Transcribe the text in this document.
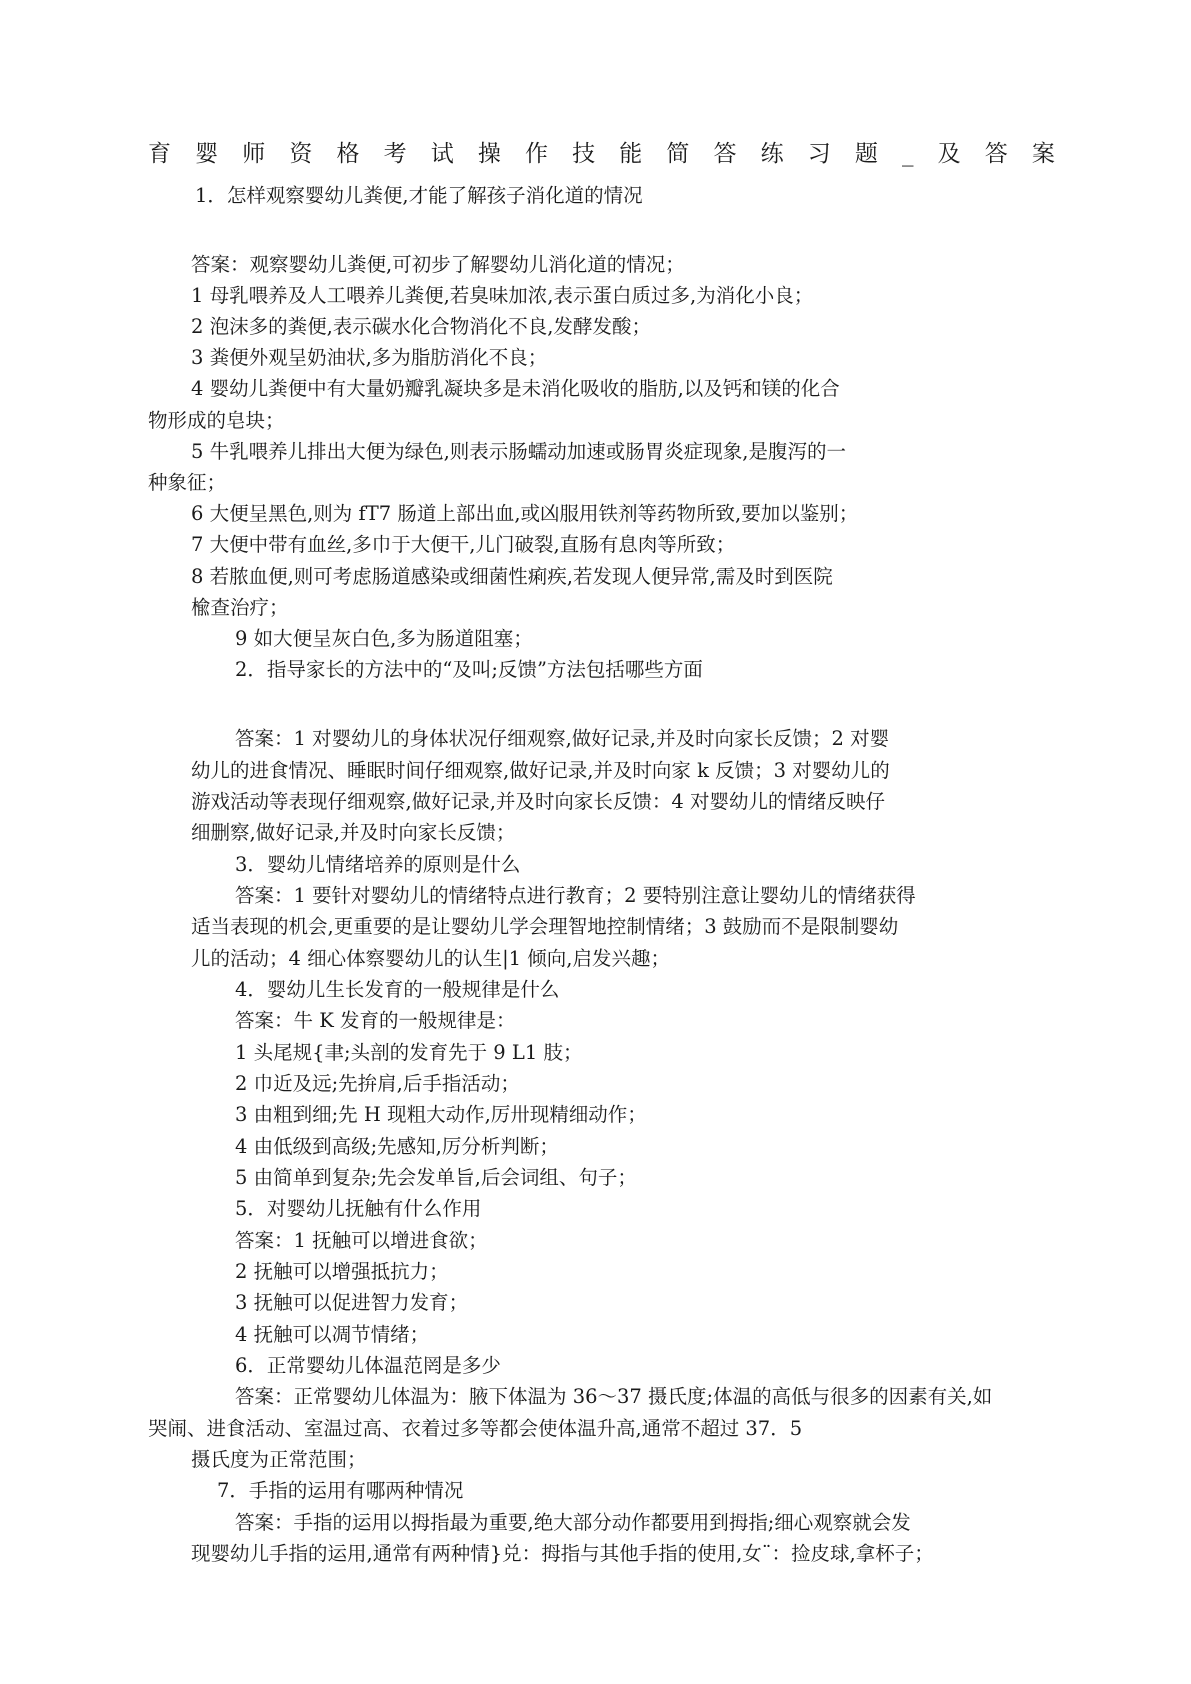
育 婴 师 资 格 考 试 操 作 技 能 简 答 练 习 题 _ 及 答 案
1．怎样观察婴幼儿粪便,才能了解孩子消化道的情况
答案：观察婴幼儿粪便,可初步了解婴幼儿消化道的情况；
1 母乳喂养及人工喂养儿粪便,若臭味加浓,表示蛋白质过多,为消化小良；
2 泡沫多的粪便,表示碳水化合物消化不良,发酵发酸；
3 粪便外观呈奶油状,多为脂肪消化不良；
4 婴幼儿粪便中有大量奶瓣乳凝块多是未消化吸收的脂肪,以及钙和镁的化合
物形成的皂块；
5 牛乳喂养儿排出大便为绿色,则表示肠蠕动加速或肠胃炎症现象,是腹泻的一
种象征；
6 大便呈黑色,则为 fT7 肠道上部出血,或凶服用铁剂等药物所致,要加以鉴别；
7 大便中带有血丝,多巾于大便干,儿门破裂,直肠有息肉等所致；
8 若脓血便,则可考虑肠道感染或细菌性痢疾,若发现人便异常,需及时到医院
楡查治疗；
9 如大便呈灰白色,多为肠道阻塞；
2．指导家长的方法中的“及叫;反馈”方法包括哪些方面
答案：1 对婴幼儿的身体状况仔细观察,做好记录,并及时向家长反馈；2 对婴
幼儿的进食情况、睡眠时间仔细观察,做好记录,并及时向家 k 反馈；3 对婴幼儿的
游戏活动等表现仔细观察,做好记录,并及时向家长反馈：4 对婴幼儿的情绪反映仔
细删察,做好记录,并及时向家长反馈；
3．婴幼儿情绪培养的原则是什么
答案：1 要针对婴幼儿的情绪特点进行教育；2 要特别注意让婴幼儿的情绪获得
适当表现的机会,更重要的是让婴幼儿学会理智地控制情绪；3 鼓励而不是限制婴幼
儿的活动；4 细心体察婴幼儿的认生|1 倾向,启发兴趣；
4．婴幼儿生长发育的一般规律是什么
答案：牛 K 发育的一般规律是：
1 头尾规{聿;头剖的发育先于 9 L1 肢；
2 巾近及远;先拚肩,后手指活动；
3 由粗到细;先 H 现粗大动作,厉卅现精细动作；
4 由低级到高级;先感知,厉分析判断；
5 由简单到复杂;先会发单旨,后会词组、句子；
5．对婴幼儿抚触有什么作用
答案：1 抚触可以增进食欲；
2 抚触可以增强抵抗力；
3 抚触可以促进智力发育；
4 抚触可以凋节情绪；
6．正常婴幼儿体温范罔是多少
答案：正常婴幼儿体温为：腋下体温为 36～37 摄氏度;体温的高低与很多的因素有关,如
哭闹、进食活动、室温过高、衣着过多等都会使体温升高,通常不超过 37．5
摄氏度为正常范围；
7．手指的运用有哪两种情况
答案：手指的运用以拇指最为重要,绝大部分动作都要用到拇指;细心观察就会发
现婴幼儿手指的运用,通常有两种情}兑：拇指与其他手指的使用,女¨：捡皮球,拿杯子；
